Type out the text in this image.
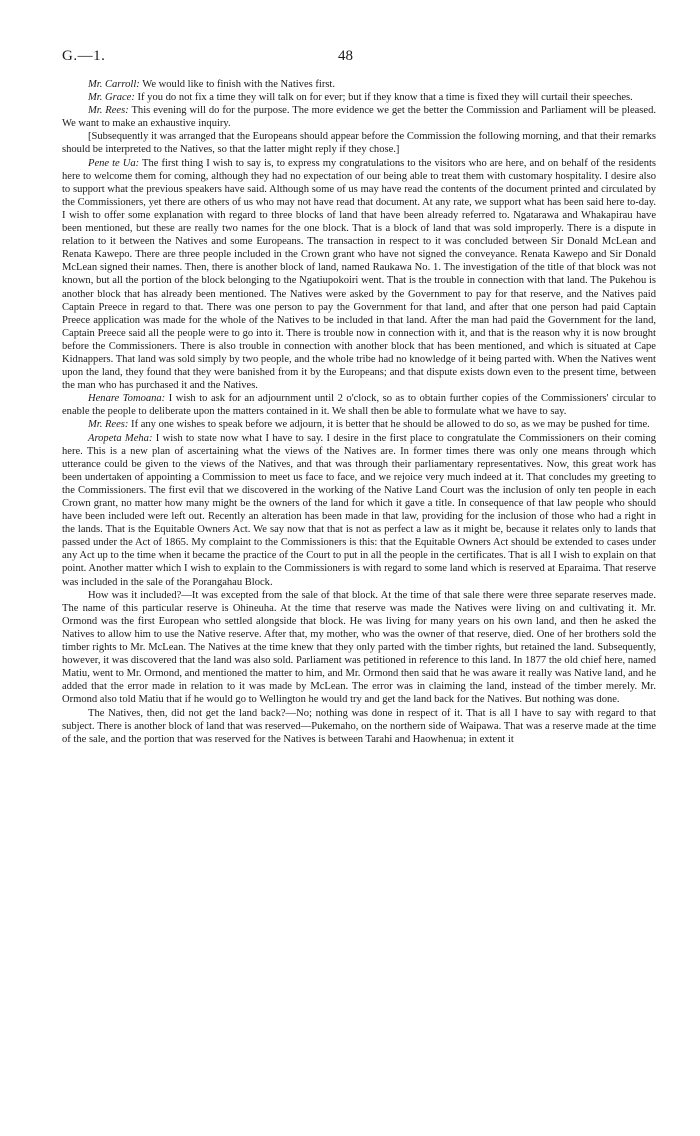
G.—1.	48

Mr. Carroll: We would like to finish with the Natives first.

Mr. Grace: If you do not fix a time they will talk on for ever; but if they know that a time is fixed they will curtail their speeches.

Mr. Rees: This evening will do for the purpose. The more evidence we get the better the Commission and Parliament will be pleased. We want to make an exhaustive inquiry.

[Subsequently it was arranged that the Europeans should appear before the Commission the following morning, and that their remarks should be interpreted to the Natives, so that the latter might reply if they chose.]

Pene te Ua: The first thing I wish to say is, to express my congratulations to the visitors who are here, and on behalf of the residents here to welcome them for coming, although they had no expectation of our being able to treat them with customary hospitality. I desire also to support what the previous speakers have said. Although some of us may have read the contents of the document printed and circulated by the Commissioners, yet there are others of us who may not have read that document. At any rate, we support what has been said here to-day. I wish to offer some explanation with regard to three blocks of land that have been already referred to. Ngatarawa and Whakapirau have been mentioned, but these are really two names for the one block. That is a block of land that was sold improperly. There is a dispute in relation to it between the Natives and some Europeans. The transaction in respect to it was concluded between Sir Donald McLean and Renata Kawepo. There are three people included in the Crown grant who have not signed the conveyance. Renata Kawepo and Sir Donald McLean signed their names. Then, there is another block of land, named Raukawa No. 1. The investigation of the title of that block was not known, but all the portion of the block belonging to the Ngatiupokoiri went. That is the trouble in connection with that land. The Pukehou is another block that has already been mentioned. The Natives were asked by the Government to pay for that reserve, and the Natives paid Captain Preece in regard to that. There was one person to pay the Government for that land, and after that one person had paid Captain Preece application was made for the whole of the Natives to be included in that land. After the man had paid the Government for the land, Captain Preece said all the people were to go into it. There is trouble now in connection with it, and that is the reason why it is now brought before the Commissioners. There is also trouble in connection with another block that has been mentioned, and which is situated at Cape Kidnappers. That land was sold simply by two people, and the whole tribe had no knowledge of it being parted with. When the Natives went upon the land, they found that they were banished from it by the Europeans; and that dispute exists down even to the present time, between the man who has purchased it and the Natives.

Henare Tomoana: I wish to ask for an adjournment until 2 o'clock, so as to obtain further copies of the Commissioners' circular to enable the people to deliberate upon the matters contained in it. We shall then be able to formulate what we have to say.

Mr. Rees: If any one wishes to speak before we adjourn, it is better that he should be allowed to do so, as we may be pushed for time.

Aropeta Meha: I wish to state now what I have to say. I desire in the first place to congratulate the Commissioners on their coming here. This is a new plan of ascertaining what the views of the Natives are. In former times there was only one means through which utterance could be given to the views of the Natives, and that was through their parliamentary representatives. Now, this great work has been undertaken of appointing a Commission to meet us face to face, and we rejoice very much indeed at it. That concludes my greeting to the Commissioners. The first evil that we discovered in the working of the Native Land Court was the inclusion of only ten people in each Crown grant, no matter how many might be the owners of the land for which it gave a title. In consequence of that law people who should have been included were left out. Recently an alteration has been made in that law, providing for the inclusion of those who had a right in the lands. That is the Equitable Owners Act. We say now that that is not as perfect a law as it might be, because it relates only to lands that passed under the Act of 1865. My complaint to the Commissioners is this: that the Equitable Owners Act should be extended to cases under any Act up to the time when it became the practice of the Court to put in all the people in the certificates. That is all I wish to explain on that point. Another matter which I wish to explain to the Commissioners is with regard to some land which is reserved at Eparaima. That reserve was included in the sale of the Porangahau Block.

How was it included?—It was excepted from the sale of that block. At the time of that sale there were three separate reserves made. The name of this particular reserve is Ohineuha. At the time that reserve was made the Natives were living on and cultivating it. Mr. Ormond was the first European who settled alongside that block. He was living for many years on his own land, and then he asked the Natives to allow him to use the Native reserve. After that, my mother, who was the owner of that reserve, died. One of her brothers sold the timber rights to Mr. McLean. The Natives at the time knew that they only parted with the timber rights, but retained the land. Subsequently, however, it was discovered that the land was also sold. Parliament was petitioned in reference to this land. In 1877 the old chief here, named Matiu, went to Mr. Ormond, and mentioned the matter to him, and Mr. Ormond then said that he was aware it really was Native land, and he added that the error made in relation to it was made by McLean. The error was in claiming the land, instead of the timber merely. Mr. Ormond also told Matiu that if he would go to Wellington he would try and get the land back for the Natives. But nothing was done.

The Natives, then, did not get the land back?—No; nothing was done in respect of it. That is all I have to say with regard to that subject. There is another block of land that was reserved—Pukemaho, on the northern side of Waipawa. That was a reserve made at the time of the sale, and the portion that was reserved for the Natives is between Tarahi and Haowhenua; in extent it
